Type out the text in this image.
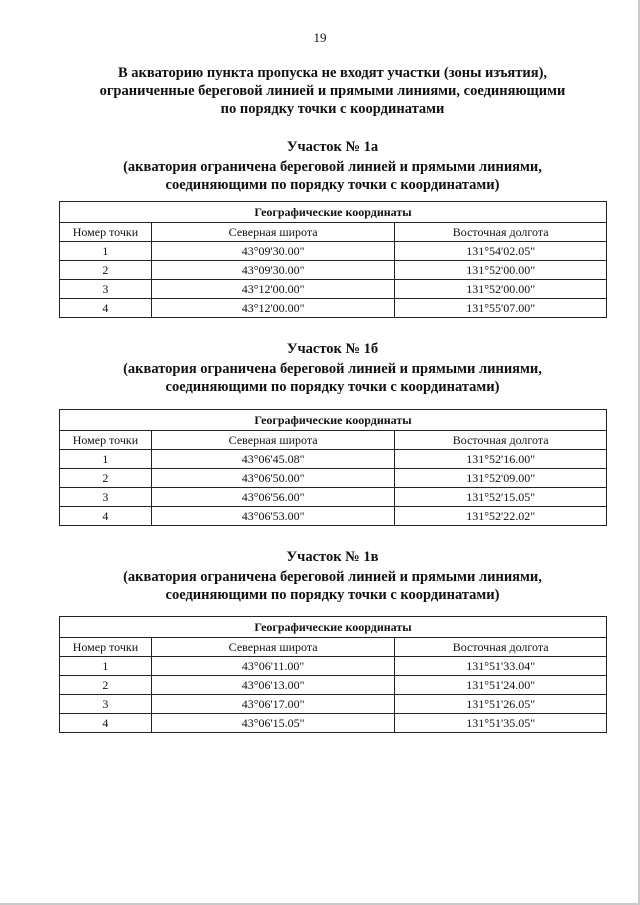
19
В акваторию пункта пропуска не входят участки (зоны изъятия),
ограниченные береговой линией и прямыми линиями, соединяющими
по порядку точки с координатами
Участок № 1а
(акватория ограничена береговой линией и прямыми линиями,
соединяющими по порядку точки с координатами)
Географические координаты		
Номер точки	Северная широта	Восточная долгота
1	43°09'30.00"	131°54'02.05"
2	43°09'30.00"	131°52'00.00"
3	43°12'00.00"	131°52'00.00"
4	43°12'00.00"	131°55'07.00"
Участок № 1б
(акватория ограничена береговой линией и прямыми линиями,
соединяющими по порядку точки с координатами)
Географические координаты		
Номер точки	Северная широта	Восточная долгота
1	43°06'45.08"	131°52'16.00"
2	43°06'50.00"	131°52'09.00"
3	43°06'56.00"	131°52'15.05"
4	43°06'53.00"	131°52'22.02"
Участок № 1в
(акватория ограничена береговой линией и прямыми линиями,
соединяющими по порядку точки с координатами)
Географические координаты		
Номер точки	Северная широта	Восточная долгота
1	43°06'11.00"	131°51'33.04"
2	43°06'13.00"	131°51'24.00"
3	43°06'17.00"	131°51'26.05"
4	43°06'15.05"	131°51'35.05"
